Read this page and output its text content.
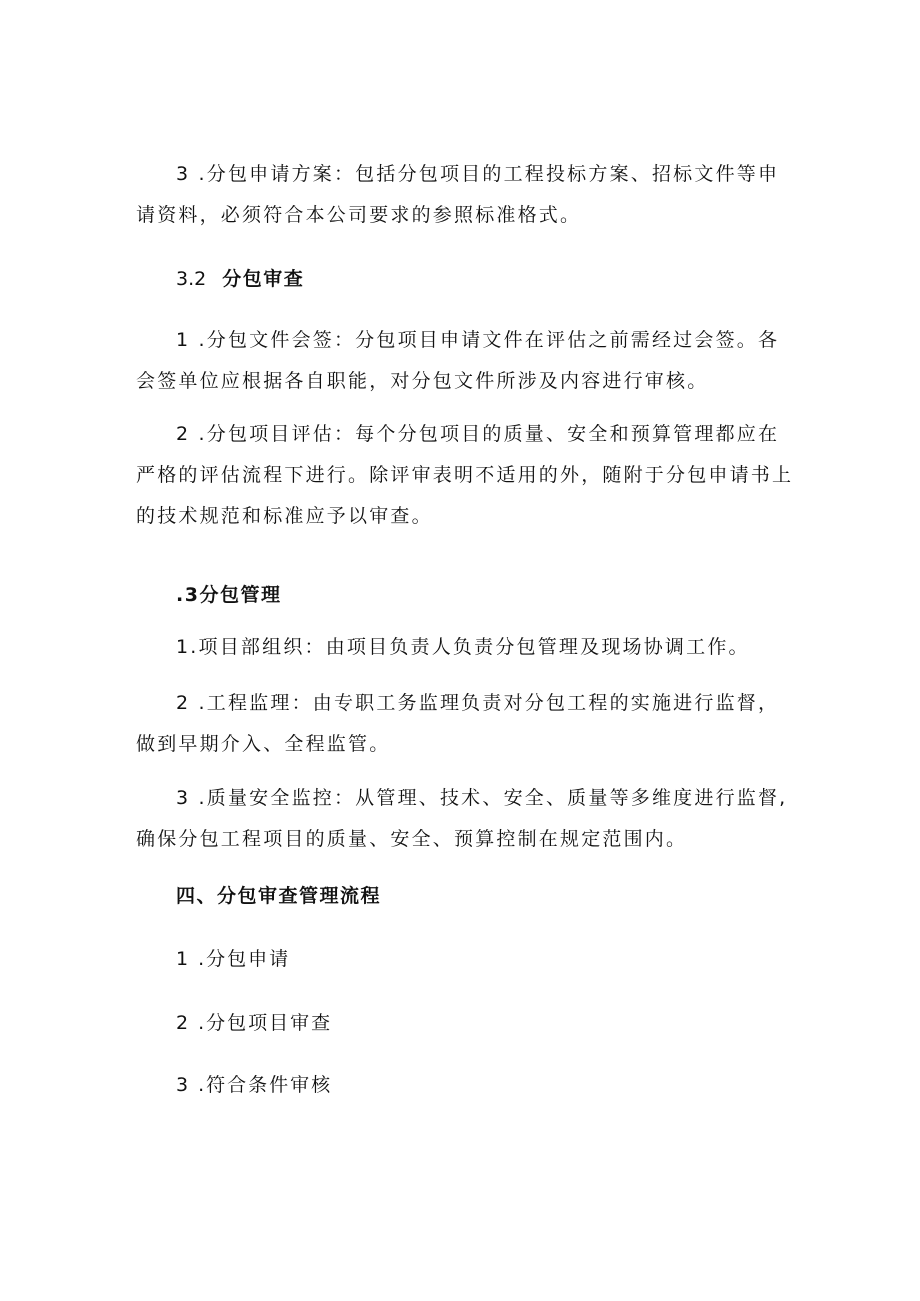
3 .分包申请方案：包括分包项目的工程投标方案、招标文件等申请资料，必须符合本公司要求的参照标准格式。

3.2 分包审查

1 .分包文件会签：分包项目申请文件在评估之前需经过会签。各会签单位应根据各自职能，对分包文件所涉及内容进行审核。

2 .分包项目评估：每个分包项目的质量、安全和预算管理都应在严格的评估流程下进行。除评审表明不适用的外，随附于分包申请书上的技术规范和标准应予以审查。

.3分包管理

1.项目部组织：由项目负责人负责分包管理及现场协调工作。

2 .工程监理：由专职工务监理负责对分包工程的实施进行监督，做到早期介入、全程监管。

3 .质量安全监控：从管理、技术、安全、质量等多维度进行监督,确保分包工程项目的质量、安全、预算控制在规定范围内。

四、分包审查管理流程

1 .分包申请

2 .分包项目审查

3 .符合条件审核
